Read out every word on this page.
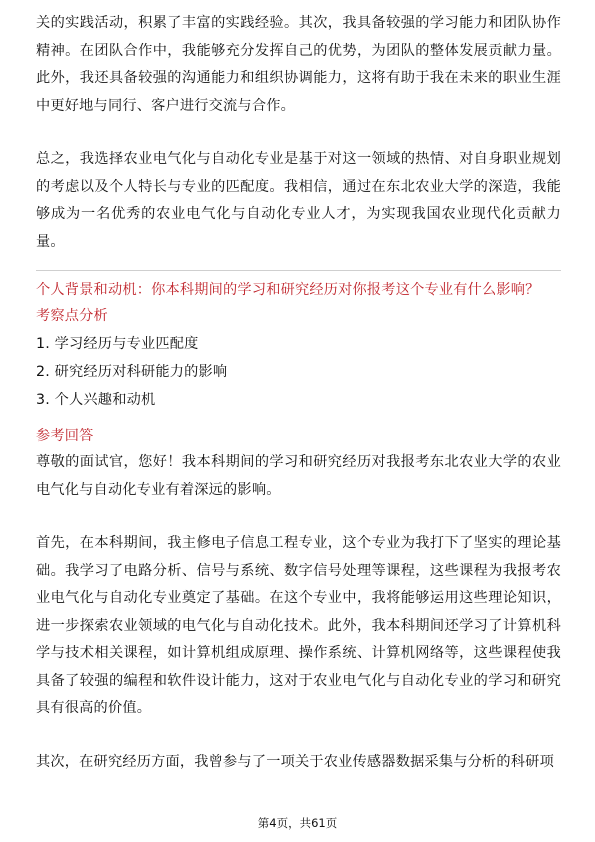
关的实践活动，积累了丰富的实践经验。其次，我具备较强的学习能力和团队协作精神。在团队合作中，我能够充分发挥自己的优势，为团队的整体发展贡献力量。此外，我还具备较强的沟通能力和组织协调能力，这将有助于我在未来的职业生涯中更好地与同行、客户进行交流与合作。

总之，我选择农业电气化与自动化专业是基于对这一领域的热情、对自身职业规划的考虑以及个人特长与专业的匹配度。我相信，通过在东北农业大学的深造，我能够成为一名优秀的农业电气化与自动化专业人才，为实现我国农业现代化贡献力量。

个人背景和动机：你本科期间的学习和研究经历对你报考这个专业有什么影响？

考察点分析

1. 学习经历与专业匹配度
2. 研究经历对科研能力的影响
3. 个人兴趣和动机

参考回答

尊敬的面试官，您好！我本科期间的学习和研究经历对我报考东北农业大学的农业电气化与自动化专业有着深远的影响。

首先，在本科期间，我主修电子信息工程专业，这个专业为我打下了坚实的理论基础。我学习了电路分析、信号与系统、数字信号处理等课程，这些课程为我报考农业电气化与自动化专业奠定了基础。在这个专业中，我将能够运用这些理论知识，进一步探索农业领域的电气化与自动化技术。此外，我本科期间还学习了计算机科学与技术相关课程，如计算机组成原理、操作系统、计算机网络等，这些课程使我具备了较强的编程和软件设计能力，这对于农业电气化与自动化专业的学习和研究具有很高的价值。

其次，在研究经历方面，我曾参与了一项关于农业传感器数据采集与分析的科研项

第4页，共61页
